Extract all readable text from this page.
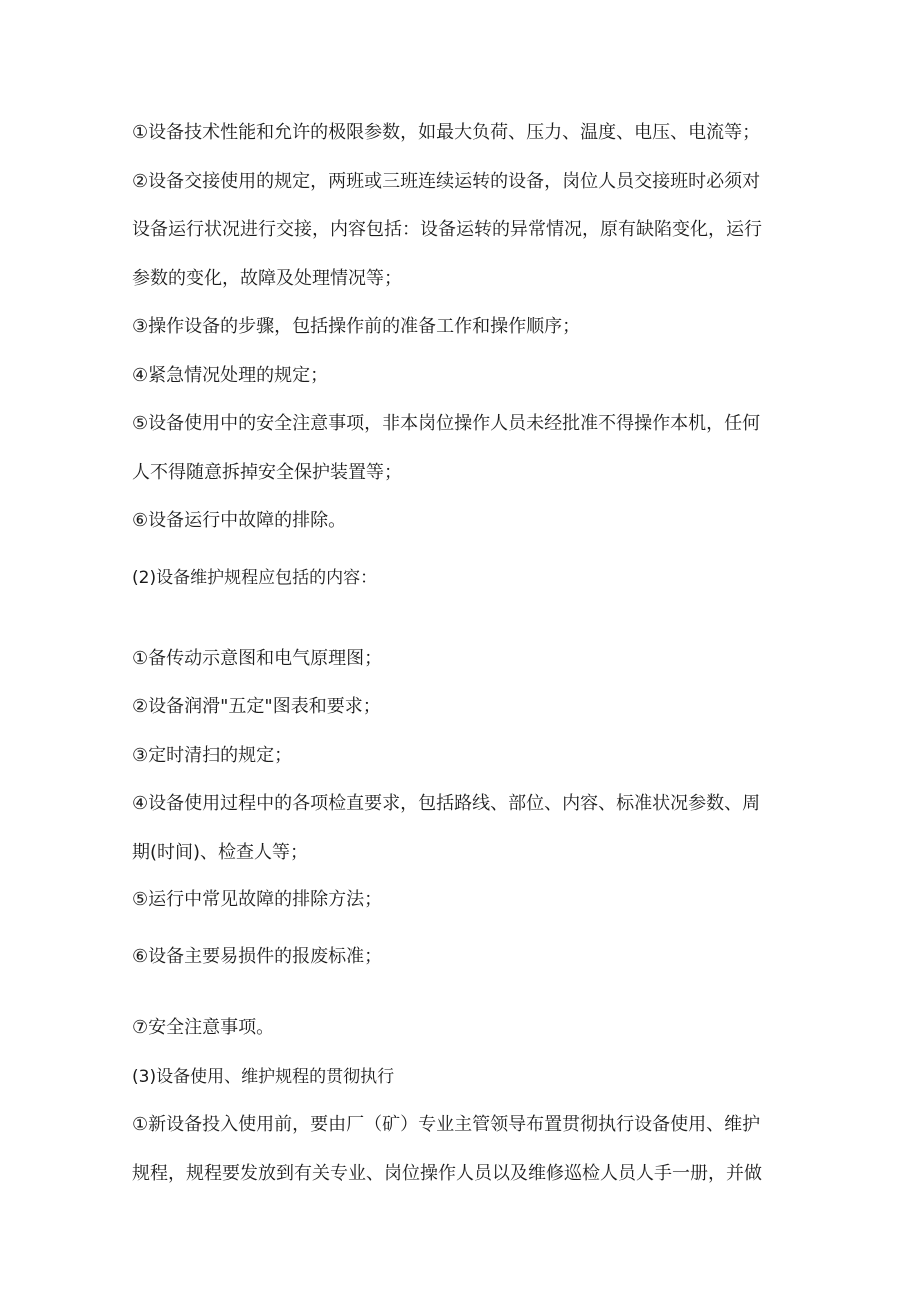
①设备技术性能和允许的极限参数，如最大负荷、压力、温度、电压、电流等；
②设备交接使用的规定，两班或三班连续运转的设备，岗位人员交接班时必须对
设备运行状况进行交接，内容包括：设备运转的异常情况，原有缺陷变化，运行
参数的变化，故障及处理情况等；
③操作设备的步骤，包括操作前的准备工作和操作顺序；
④紧急情况处理的规定；
⑤设备使用中的安全注意事项，非本岗位操作人员未经批准不得操作本机，任何
人不得随意拆掉安全保护装置等；
⑥设备运行中故障的排除。
(2)设备维护规程应包括的内容：
①备传动示意图和电气原理图；
②设备润滑"五定"图表和要求；
③定时清扫的规定；
④设备使用过程中的各项检直要求，包括路线、部位、内容、标准状况参数、周
期(时间)、检查人等；
⑤运行中常见故障的排除方法；
⑥设备主要易损件的报废标准；
⑦安全注意事项。
(3)设备使用、维护规程的贯彻执行
①新设备投入使用前，要由厂（矿）专业主管领导布置贯彻执行设备使用、维护
规程，规程要发放到有关专业、岗位操作人员以及维修巡检人员人手一册，并做
